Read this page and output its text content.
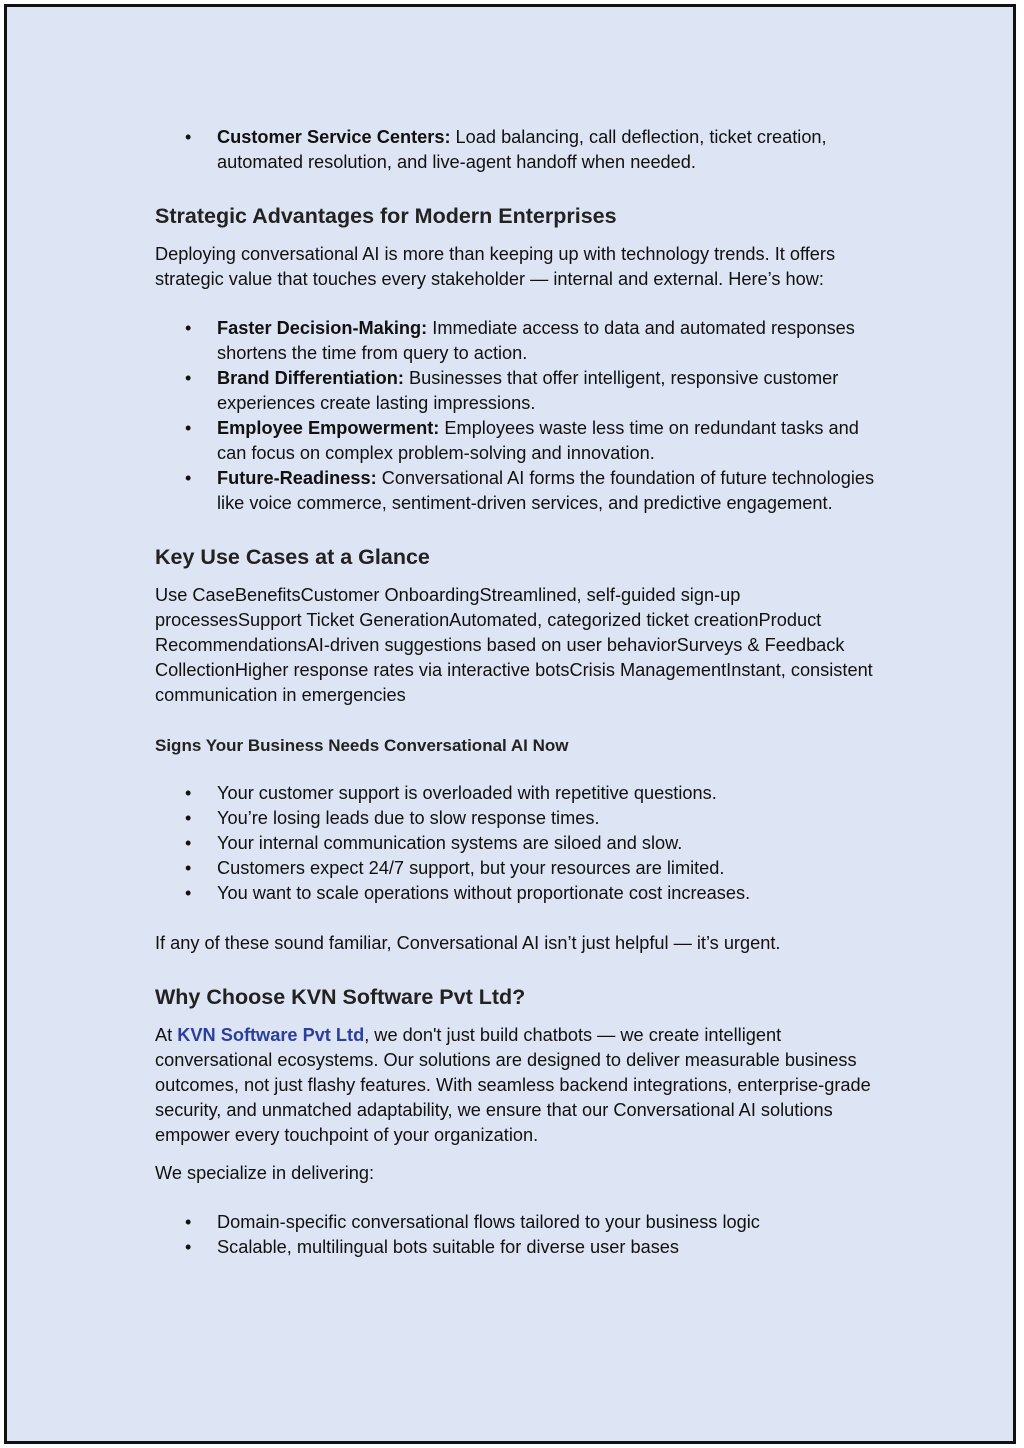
• Customer Service Centers: Load balancing, call deflection, ticket creation, automated resolution, and live-agent handoff when needed.
Strategic Advantages for Modern Enterprises

Deploying conversational AI is more than keeping up with technology trends. It offers strategic value that touches every stakeholder — internal and external. Here’s how:

• Faster Decision-Making: Immediate access to data and automated responses shortens the time from query to action.
• Brand Differentiation: Businesses that offer intelligent, responsive customer experiences create lasting impressions.
• Employee Empowerment: Employees waste less time on redundant tasks and can focus on complex problem-solving and innovation.
• Future-Readiness: Conversational AI forms the foundation of future technologies like voice commerce, sentiment-driven services, and predictive engagement.
Key Use Cases at a Glance

Use CaseBenefitsCustomer OnboardingStreamlined, self-guided sign-up processesSupport Ticket GenerationAutomated, categorized ticket creationProduct RecommendationsAI-driven suggestions based on user behaviorSurveys & Feedback CollectionHigher response rates via interactive botsCrisis ManagementInstant, consistent communication in emergencies

Signs Your Business Needs Conversational AI Now
• Your customer support is overloaded with repetitive questions.
• You’re losing leads due to slow response times.
• Your internal communication systems are siloed and slow.
• Customers expect 24/7 support, but your resources are limited.
• You want to scale operations without proportionate cost increases.

If any of these sound familiar, Conversational AI isn’t just helpful — it’s urgent.

Why Choose KVN Software Pvt Ltd?

At KVN Software Pvt Ltd, we don't just build chatbots — we create intelligent conversational ecosystems. Our solutions are designed to deliver measurable business outcomes, not just flashy features. With seamless backend integrations, enterprise-grade security, and unmatched adaptability, we ensure that our Conversational AI solutions empower every touchpoint of your organization.

We specialize in delivering:

• Domain-specific conversational flows tailored to your business logic
• Scalable, multilingual bots suitable for diverse user bases
